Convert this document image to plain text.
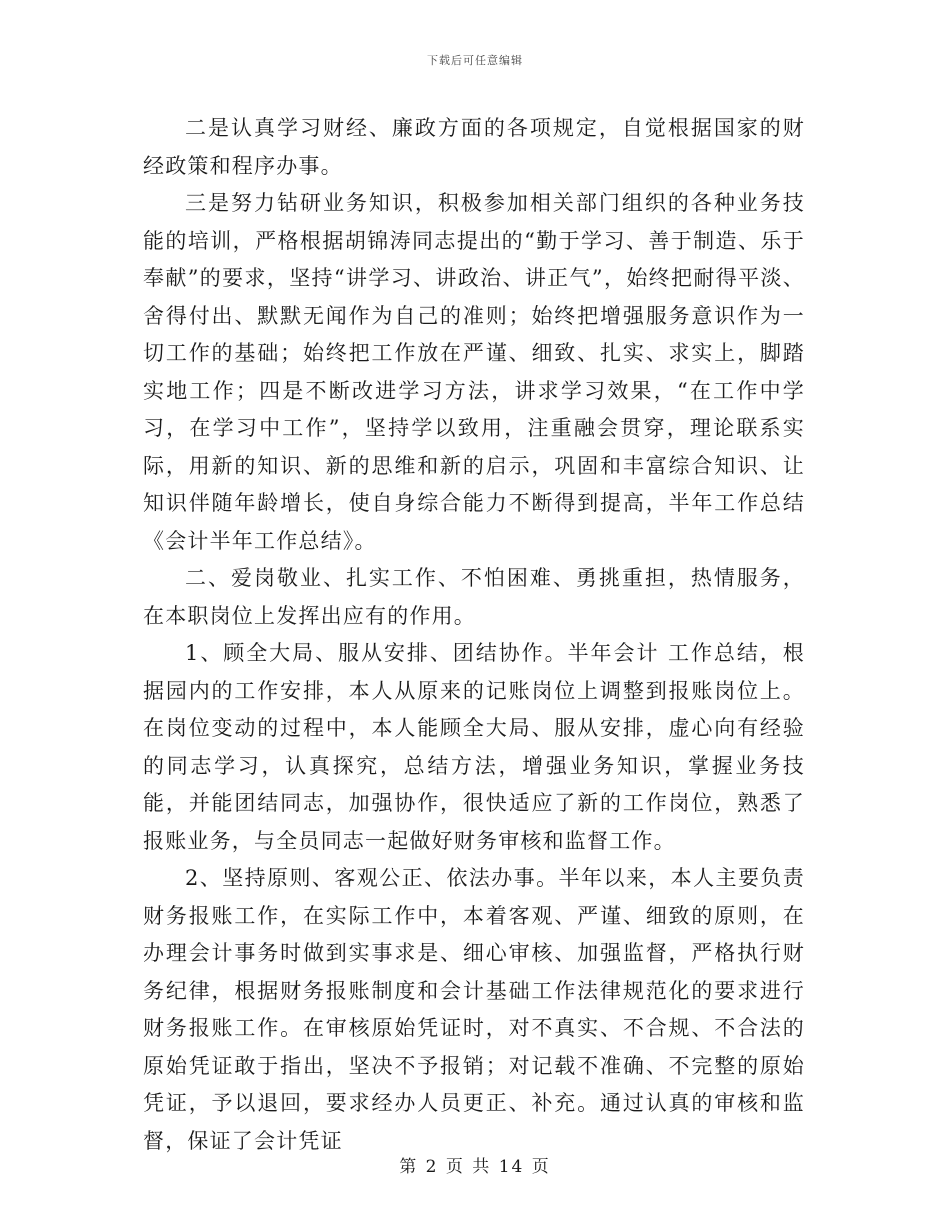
下载后可任意编辑

二是认真学习财经、廉政方面的各项规定，自觉根据国家的财经政策和程序办事。

三是努力钻研业务知识，积极参加相关部门组织的各种业务技能的培训，严格根据胡锦涛同志提出的“勤于学习、善于制造、乐于奉献”的要求，坚持“讲学习、讲政治、讲正气”，始终把耐得平淡、舍得付出、默默无闻作为自己的准则；始终把增强服务意识作为一切工作的基础；始终把工作放在严谨、细致、扎实、求实上，脚踏实地工作；四是不断改进学习方法，讲求学习效果，“在工作中学习，在学习中工作”，坚持学以致用，注重融会贯穿，理论联系实际，用新的知识、新的思维和新的启示，巩固和丰富综合知识、让知识伴随年龄增长，使自身综合能力不断得到提高，半年工作总结《会计半年工作总结》。

二、爱岗敬业、扎实工作、不怕困难、勇挑重担，热情服务，在本职岗位上发挥出应有的作用。

1、顾全大局、服从安排、团结协作。半年会计 工作总结，根据园内的工作安排，本人从原来的记账岗位上调整到报账岗位上。在岗位变动的过程中，本人能顾全大局、服从安排，虚心向有经验的同志学习，认真探究，总结方法，增强业务知识，掌握业务技能，并能团结同志，加强协作，很快适应了新的工作岗位，熟悉了报账业务，与全员同志一起做好财务审核和监督工作。

2、坚持原则、客观公正、依法办事。半年以来，本人主要负责财务报账工作，在实际工作中，本着客观、严谨、细致的原则，在办理会计事务时做到实事求是、细心审核、加强监督，严格执行财务纪律，根据财务报账制度和会计基础工作法律规范化的要求进行财务报账工作。在审核原始凭证时，对不真实、不合规、不合法的原始凭证敢于指出，坚决不予报销；对记载不准确、不完整的原始凭证，予以退回，要求经办人员更正、补充。通过认真的审核和监督，保证了会计凭证

第 2 页 共 14 页
